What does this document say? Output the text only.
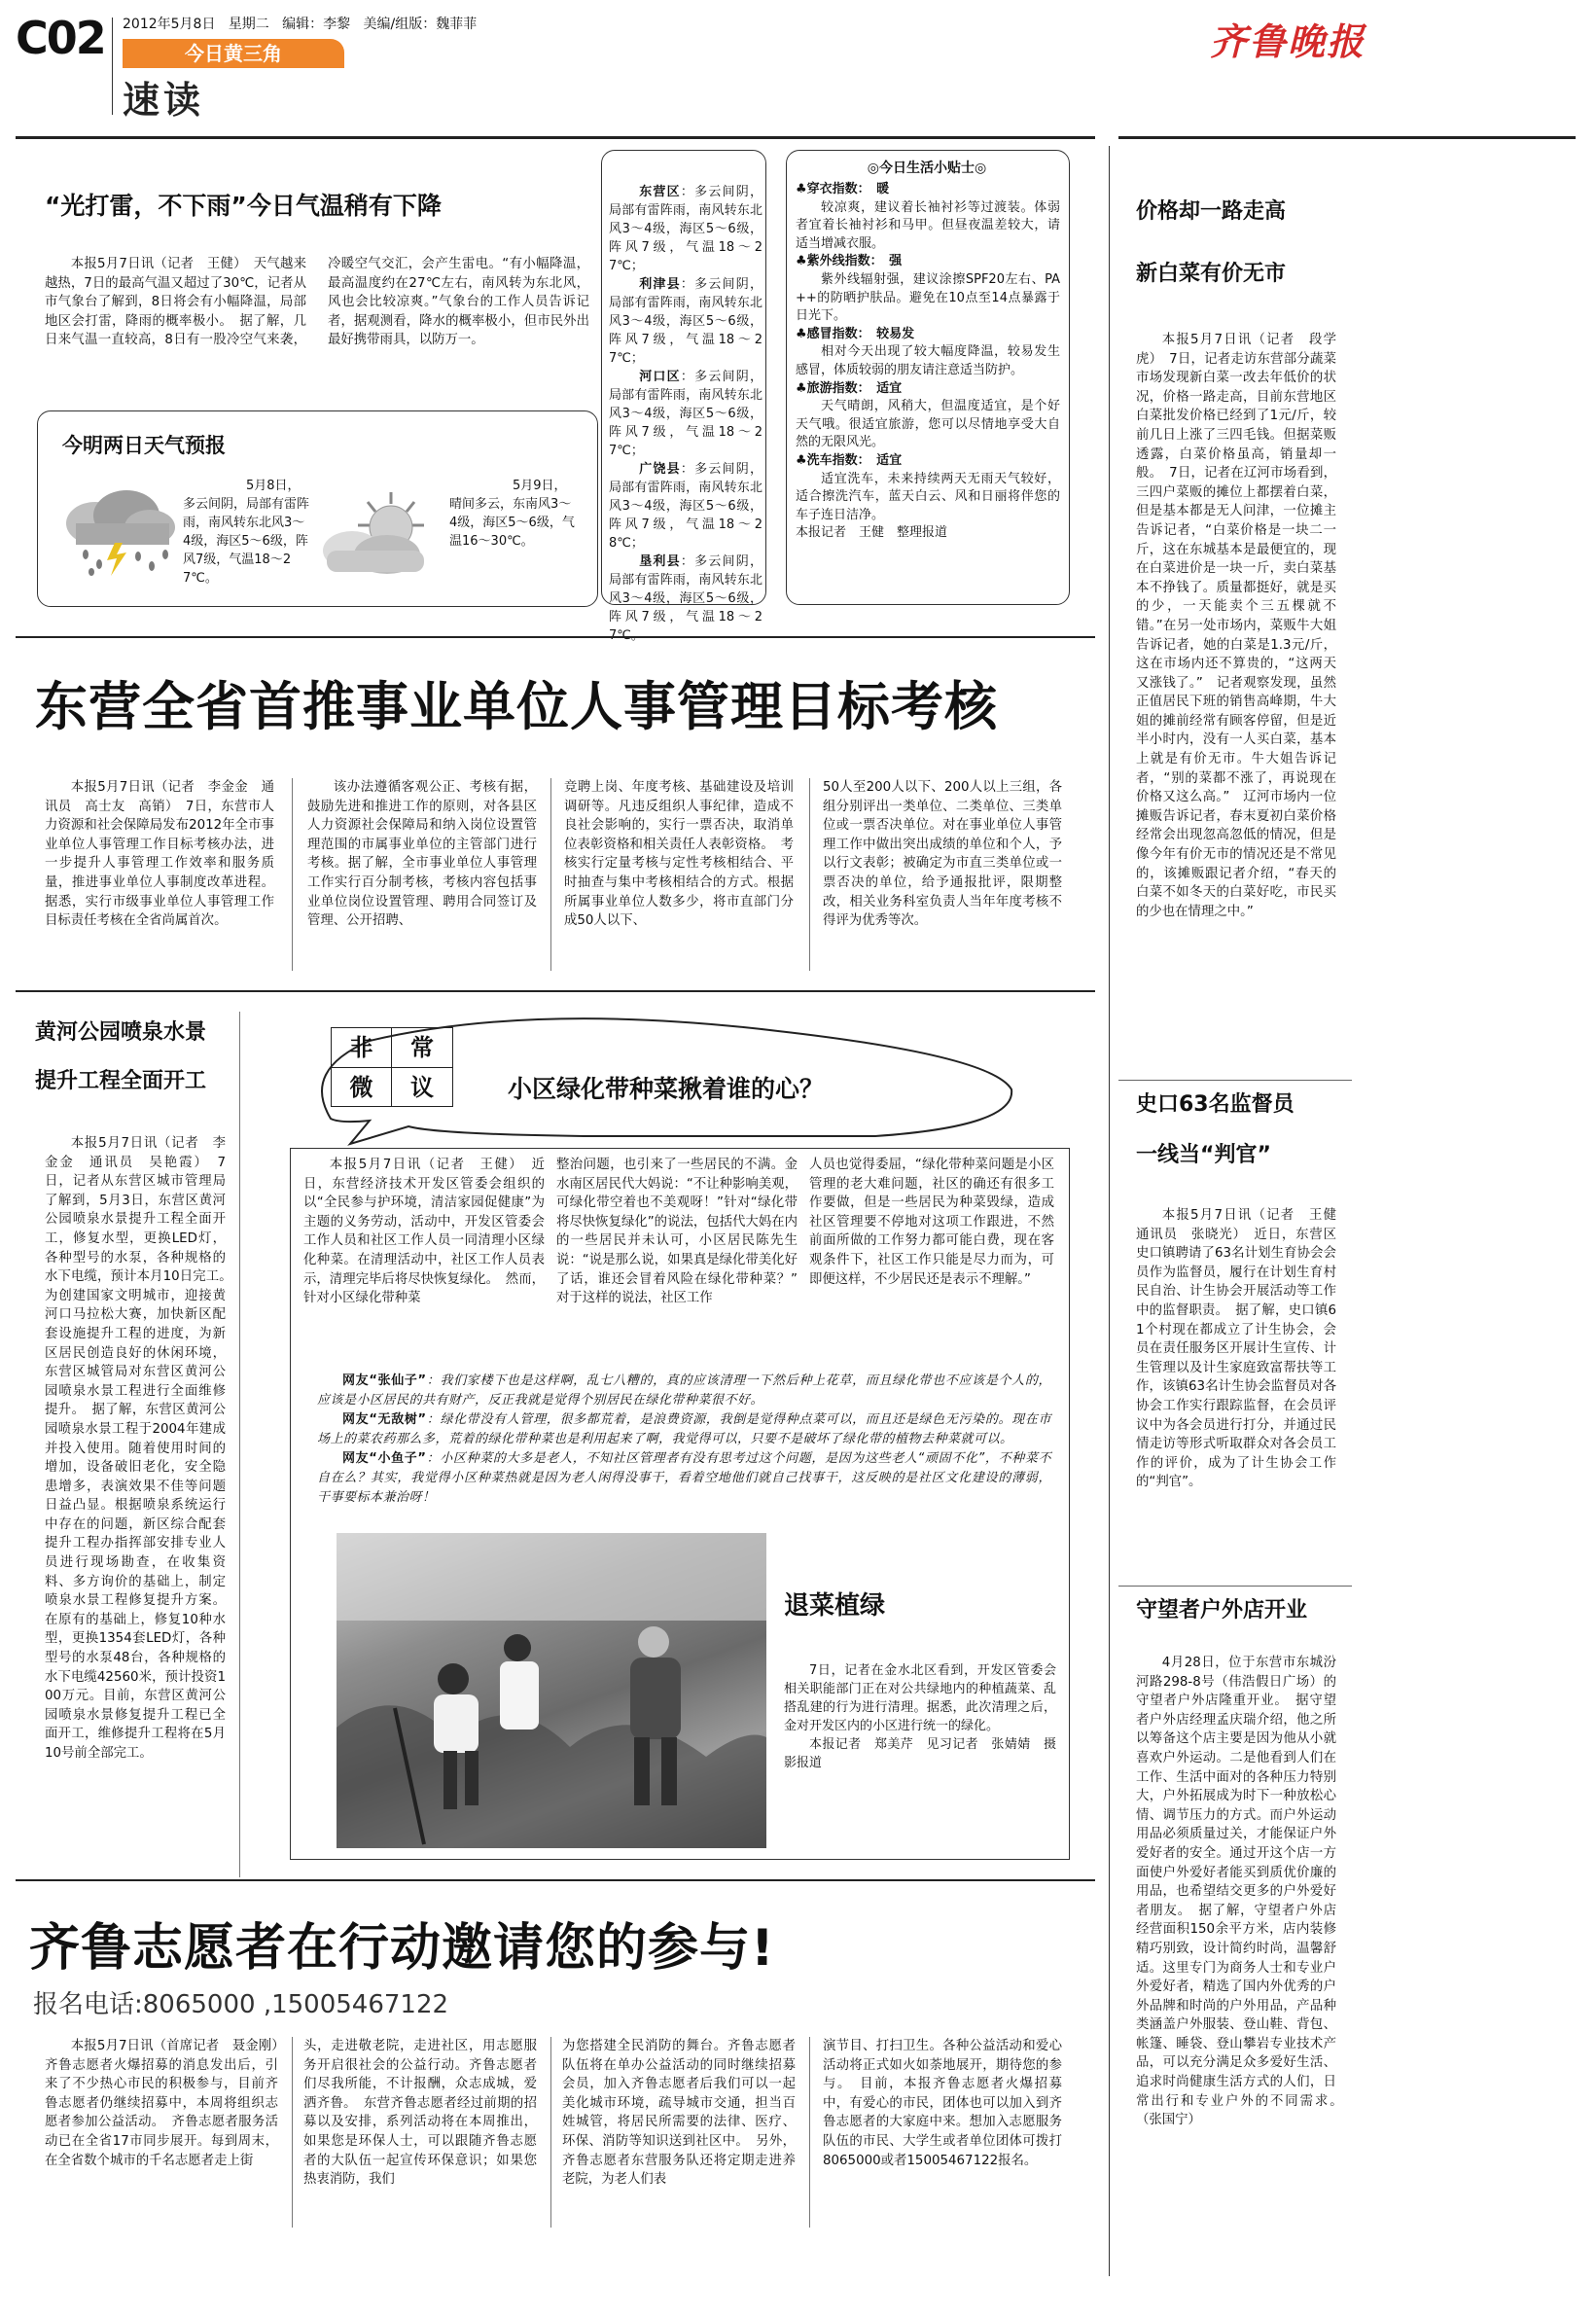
C02 2012年5月8日 星期二 编辑：李黎 美编/组版：魏菲菲
今日黄三角
速读
齐鲁晚报
“光打雷，不下雨”今日气温稍有下降

本报5月7日讯（记者　王健）　天气越来越热，7日的最高气温又超过了30℃，记者从市气象台了解到，8日将会有小幅降温，局部地区会打雷，降雨的概率极小。　据了解，几日来气温一直较高，8日有一股冷空气来袭，冷暖空气交汇，会产生雷电。“有小幅降温，最高温度约在27℃左右，南风转为东北风，风也会比较凉爽。”气象台的工作人员告诉记者，据观测看，降水的概率极小，但市民外出最好携带雨具，以防万一。

今明两日天气预报
5月8日，多云间阴，局部有雷阵雨，南风转东北风3～4级，海区5～6级，阵风7级，气温18～27℃。
5月9日，晴间多云，东南风3～4级，海区5～6级，气温16～30℃。
东营区：多云间阴，局部有雷阵雨，南风转东北风3～4级，海区5～6级，阵风7级，气温18～27℃；
利津县：多云间阴，局部有雷阵雨，南风转东北风3～4级，海区5～6级，阵风7级，气温18～27℃；
河口区：多云间阴，局部有雷阵雨，南风转东北风3～4级，海区5～6级，阵风7级，气温18～27℃；
广饶县：多云间阴，局部有雷阵雨，南风转东北风3～4级，海区5～6级，阵风7级，气温18～28℃；
垦利县：多云间阴，局部有雷阵雨，南风转东北风3～4级，海区5～6级，阵风7级，气温18～2
◎今日生活小贴士◎
♣穿衣指数：　暖
较凉爽，建议着长袖衬衫等过渡装。体弱者宜着长袖衬衫和马甲。但昼夜温差较大，请适当增减衣服。
♣紫外线指数：　强
紫外线辐射强，建议涂擦SPF20左右、PA++的防晒护肤品。避免在10点至14点暴露于日光下。
♣感冒指数：　较易发
相对今天出现了较大幅度降温，较易发生感冒，体质较弱的朋友请注意适当防护。
♣旅游指数：　适宜
天气晴朗，风稍大，但温度适宜，是个好天气哦。很适宜旅游，您可以尽情地享受大自然的无限风光。
♣洗车指数：　适宜
适宜洗车，未来持续两天无雨天气较好，适合擦洗汽车，蓝天白云、风和日丽将伴您的车子连日洁净。
本报记者　王健　整理报道
东营全省首推事业单位人事管理目标考核
本报5月7日讯（记者　李金金　通讯员　高士友　高销）　7日，东营市人力资源和社会保障局发布2012年全市事业单位人事管理工作目标考核办法，进一步提升人事管理工作效率和服务质量，推进事业单位人事制度改革进程。据悉，实行市级事业单位人事管理工作目标责任考核在全省尚属首次。
该办法遵循客观公正、考核有据，鼓励先进和推进工作的原则，对各县区人力资源社会保障局和纳入岗位设置管理范围的市属事业单位的主管部门进行考核。据了解，全市事业单位人事管理工作实行百分制考核，考核内容包括事业单位岗位设置管理、聘用合同签订及管理、公开招聘、
竞聘上岗、年度考核、基础建设及培训调研等。凡违反组织人事纪律，造成不良社会影响的，实行一票否决，取消单位表彰资格和相关责任人表彰资格。　考核实行定量考核与定性考核相结合、平时抽查与集中考核相结合的方式。根据所属事业单位人数多少，将市直部门分成50人以下、
50人至200人以下、200人以上三组，各组分别评出一类单位、二类单位、三类单位或一票否决单位。对在事业单位人事管理工作中做出突出成绩的单位和个人，予以行文表彰；被确定为市直三类单位或一票否决的单位，给予通报批评，限期整改，相关业务科室负责人当年年度考核不得评为优秀等次。
黄河公园喷泉水景
提升工程全面开工
本报5月7日讯（记者　李金金　通讯员　吴艳霞）　7日，记者从东营区城市管理局了解到，5月3日，东营区黄河公园喷泉水景提升工程全面开工，修复水型，更换LED灯，各种型号的水泵，各种规格的水下电缆，预计本月10日完工。　为创建国家文明城市，迎接黄河口马拉松大赛，加快新区配套设施提升工程的进度，为新区居民创造良好的休闲环境，东营区城管局对东营区黄河公园喷泉水景工程进行全面维修提升。　据了解，东营区黄河公园喷泉水景工程于2004年建成并投入使用。随着使用时间的增加，设备破旧老化，安全隐患增多，表演效果不佳等问题日益凸显。根据喷泉系统运行中存在的问题，新区综合配套提升工程办指挥部安排专业人员进行现场勘查，在收集资料、多方询价的基础上，制定喷泉水景工程修复提升方案。在原有的基础上，修复10种水型，更换1354套LED灯，各种型号的水泵48台，各种规格的水下电缆42560米，预计投资100万元。目前，东营区黄河公园喷泉水景修复提升工程已全面开工，维修提升工程将在5月10号前全部完工。
非	常
微	议	小区绿化带种菜揪着谁的心？
本报5月7日讯（记者　王健）　近日，东营经济技术开发区管委会组织的以“全民参与护环境，清洁家园促健康”为主题的义务劳动，活动中，开发区管委会工作人员和社区工作人员一同清理小区绿化种菜。在清理活动中，社区工作人员表示，清理完毕后将尽快恢复绿化。　然而，针对小区绿化带种菜
整治问题，也引来了一些居民的不满。金水南区居民代大妈说：“不让种影响美观，可绿化带空着也不美观呀！”针对“绿化带将尽快恢复绿化”的说法，包括代大妈在内的一些居民并未认可，小区居民陈先生说：“说是那么说，如果真是绿化带美化好了话，谁还会冒着风险在绿化带种菜？”　对于这样的说法，社区工作
人员也觉得委屈，“绿化带种菜问题是小区管理的老大难问题，社区的确还有很多工作要做，但是一些居民为种菜毁绿，造成社区管理要不停地对这项工作跟进，不然前面所做的工作努力都可能白费，现在客观条件下，社区工作只能是尽力而为，可即便这样，不少居民还是表示不理解。”
网友“张仙子”：我们家楼下也是这样啊，乱七八糟的，真的应该清理一下然后种上花草，而且绿化带也不应该是个人的，应该是小区居民的共有财产，反正我就是觉得个别居民在绿化带种菜很不好。
网友“无敌树”：绿化带没有人管理，很多都荒着，是浪费资源，我倒是觉得种点菜可以，而且还是绿色无污染的。现在市场上的菜农药那么多，荒着的绿化带种菜也是利用起来了啊，我觉得可以，只要不是破坏了绿化带的植物去种菜就可以。
网友“小鱼子”：小区种菜的大多是老人，不知社区管理者有没有思考过这个问题，是因为这些老人“顽固不化”，不种菜不自在么？其实，我觉得小区种菜热就是因为老人闲得没事干，看着空地他们就自己找事干，这反映的是社区文化建设的薄弱，干事要标本兼治呀！
退菜植绿
7日，记者在金水北区看到，开发区管委会相关职能部门正在对公共绿地内的种植蔬菜、乱搭乱建的行为进行清理。据悉，此次清理之后，金对开发区内的小区进行统一的绿化。
本报记者　郑美芹　见习记者　张婧婧　摄影报道
齐鲁志愿者在行动邀请您的参与!
报名电话:8065000 ,15005467122
本报5月7日讯（首席记者　聂金刚）　齐鲁志愿者火爆招募的消息发出后，引来了不少热心市民的积极参与，目前齐鲁志愿者仍继续招募中，本周将组织志愿者参加公益活动。　齐鲁志愿者服务活动已在全省17市同步展开。每到周末，在全省数个城市的千名志愿者走上街
头，走进敬老院，走进社区，用志愿服务开启很社会的公益行动。齐鲁志愿者们尽我所能，不计报酬，众志成城，爱洒齐鲁。　东营齐鲁志愿者经过前期的招募以及安排，系列活动将在本周推出，如果您是环保人士，可以跟随齐鲁志愿者的大队伍一起宣传环保意识；如果您热衷消防，我们
为您搭建全民消防的舞台。齐鲁志愿者队伍将在单办公益活动的同时继续招募会员，加入齐鲁志愿者后我们可以一起美化城市环境，疏导城市交通，担当百姓城管，将居民所需要的法律、医疗、环保、消防等知识送到社区中。　另外，齐鲁志愿者东营服务队还将定期走进养老院，为老人们表
演节目、打扫卫生。各种公益活动和爱心活动将正式如火如荼地展开，期待您的参与。　目前，本报齐鲁志愿者火爆招募中，有爱心的市民，团体也可以加入到齐鲁志愿者的大家庭中来。想加入志愿服务队伍的市民、大学生或者单位团体可拨打8065000或者15005467122报名。
价格却一路走高
新白菜有价无市
本报5月7日讯（记者　段学虎）　7日，记者走访东营部分蔬菜市场发现新白菜一改去年低价的状况，价格一路走高，目前东营地区白菜批发价格已经到了1元/斤，较前几日上涨了三四毛钱。但据菜贩透露，白菜价格虽高，销量却一般。　7日，记者在辽河市场看到，三四户菜贩的摊位上都摆着白菜，但是基本都是无人问津，一位摊主告诉记者，“白菜价格是一块二一斤，这在东城基本是最便宜的，现在白菜进价是一块一斤，卖白菜基本不挣钱了。质量都挺好，就是买的少，一天能卖个三五棵就不错。”在另一处市场内，菜贩牛大姐告诉记者，她的白菜是1.3元/斤，这在市场内还不算贵的，“这两天又涨钱了。”　记者观察发现，虽然正值居民下班的销售高峰期，牛大姐的摊前经常有顾客停留，但是近半小时内，没有一人买白菜，基本上就是有价无市。牛大姐告诉记者，“别的菜都不涨了，再说现在价格又这么高。”　辽河市场内一位摊贩告诉记者，春末夏初白菜价格经常会出现忽高忽低的情况，但是像今年有价无市的情况还是不常见的，该摊贩跟记者介绍，“春天的白菜不如冬天的白菜好吃，市民买的少也在情理之中。”
史口63名监督员
一线当“判官”
本报5月7日讯（记者　王健　通讯员　张晓光）　近日，东营区史口镇聘请了63名计划生育协会会员作为监督员，履行在计划生育村民自治、计生协会开展活动等工作中的监督职责。　据了解，史口镇61个村现在都成立了计生协会，会员在责任服务区开展计生宣传、计生管理以及计生家庭致富帮扶等工作，该镇63名计生协会监督员对各协会工作实行跟踪监督，在会员评议中为各会员进行打分，并通过民情走访等形式听取群众对各会员工作的评价，成为了计生协会工作的“判官”。
守望者户外店开业
4月28日，位于东营市东城汾河路298-8号（伟浩假日广场）的守望者户外店隆重开业。　据守望者户外店经理孟庆瑞介绍，他之所以筹备这个店主要是因为他从小就喜欢户外运动。二是他看到人们在工作、生活中面对的各种压力特别大，户外拓展成为时下一种放松心情、调节压力的方式。而户外运动用品必须质量过关，才能保证户外爱好者的安全。通过开这个店一方面使户外爱好者能买到质优价廉的用品，也希望结交更多的户外爱好者朋友。　据了解，守望者户外店经营面积150余平方米，店内装修精巧别致，设计简约时尚，温馨舒适。这里专门为商务人士和专业户外爱好者，精选了国内外优秀的户外品牌和时尚的户外用品，产品种类涵盖户外服装、登山鞋、背包、帐篷、睡袋、登山攀岩专业技术产品，可以充分满足众多爱好生活、追求时尚健康生活方式的人们，日常出行和专业户外的不同需求。　（张国宁）
